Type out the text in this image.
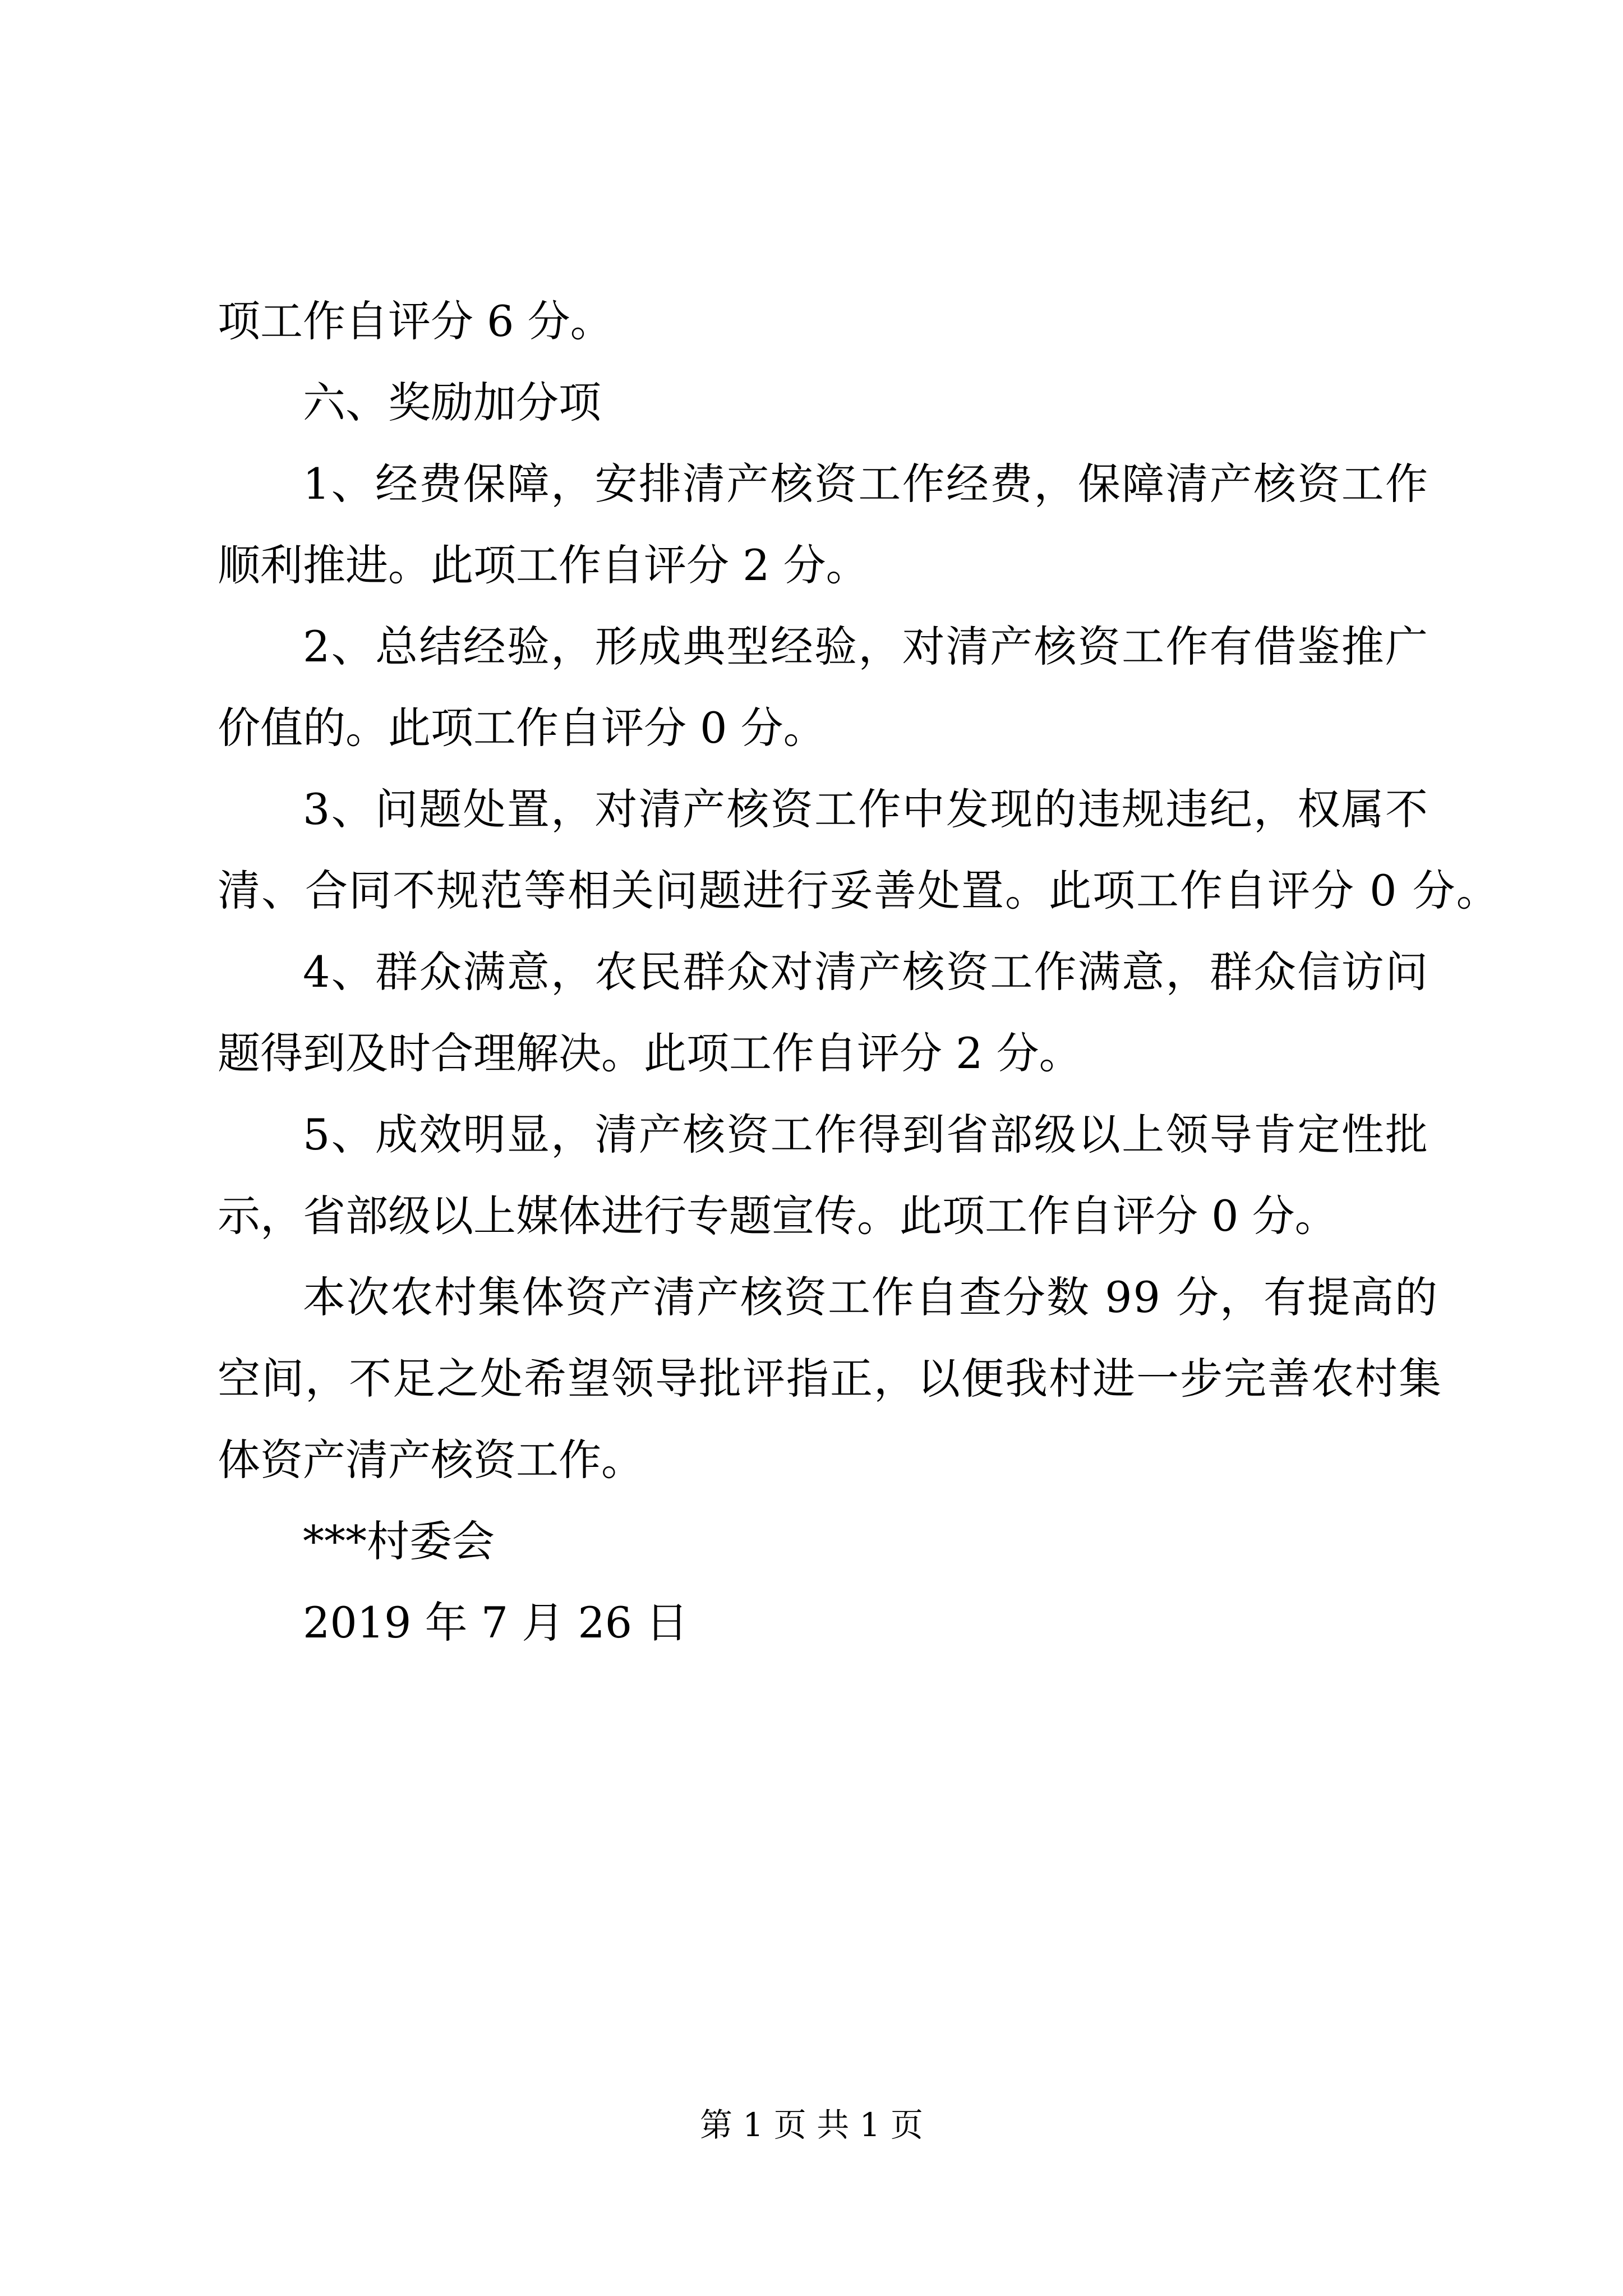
项工作自评分 6 分。
六、奖励加分项
1、经费保障，安排清产核资工作经费，保障清产核资工作
顺利推进。此项工作自评分 2 分。
2、总结经验，形成典型经验，对清产核资工作有借鉴推广
价值的。此项工作自评分 0 分。
3、问题处置，对清产核资工作中发现的违规违纪，权属不
清、合同不规范等相关问题进行妥善处置。此项工作自评分 0 分。
4、群众满意，农民群众对清产核资工作满意，群众信访问
题得到及时合理解决。此项工作自评分 2 分。
5、成效明显，清产核资工作得到省部级以上领导肯定性批
示，省部级以上媒体进行专题宣传。此项工作自评分 0 分。
本次农村集体资产清产核资工作自查分数 99 分，有提高的
空间，不足之处希望领导批评指正，以便我村进一步完善农村集
体资产清产核资工作。
***村委会
2019 年 7 月 26 日
第 1 页 共 1 页
